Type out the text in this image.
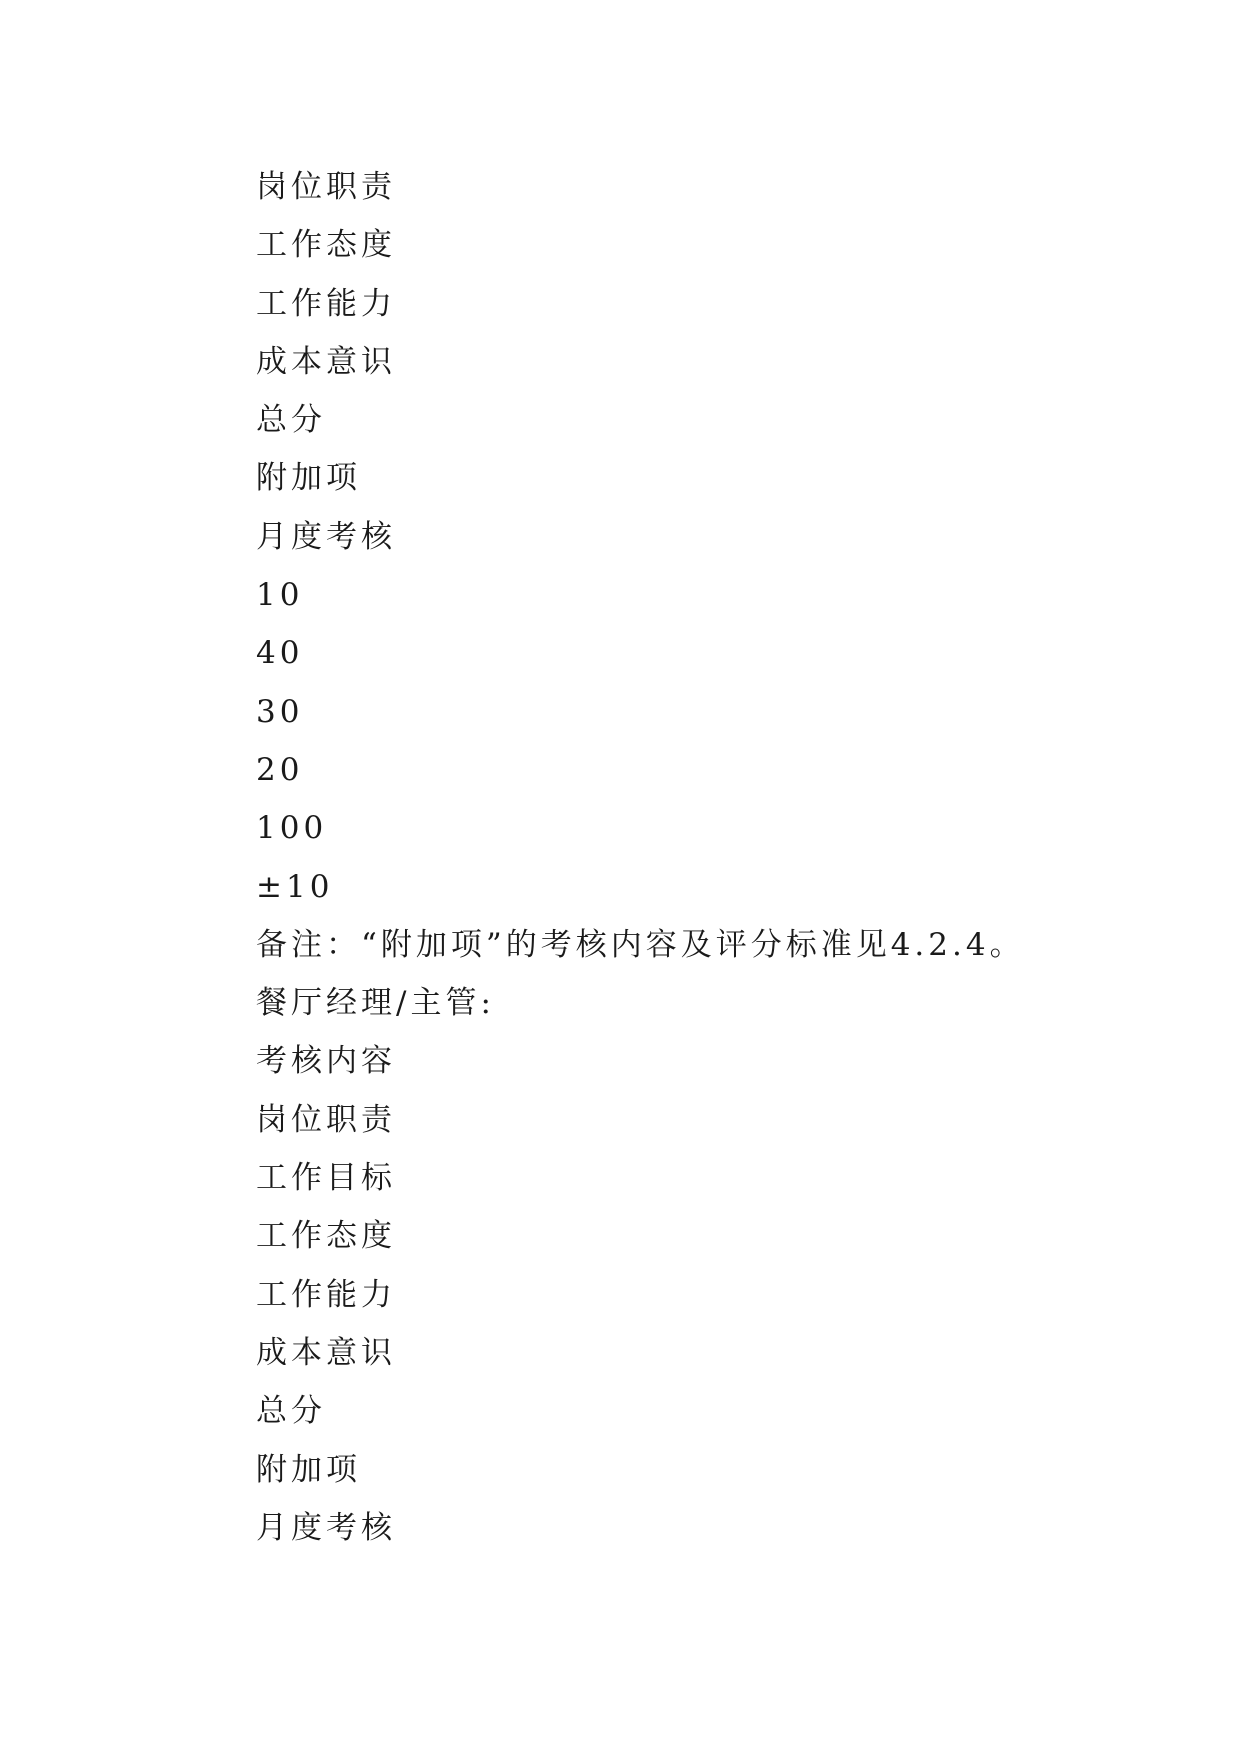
岗位职责
工作态度
工作能力
成本意识
总分
附加项
月度考核
10
40
30
20
100
±10
备注：“附加项”的考核内容及评分标准见4.2.4。
餐厅经理/主管:
考核内容
岗位职责
工作目标
工作态度
工作能力
成本意识
总分
附加项
月度考核
